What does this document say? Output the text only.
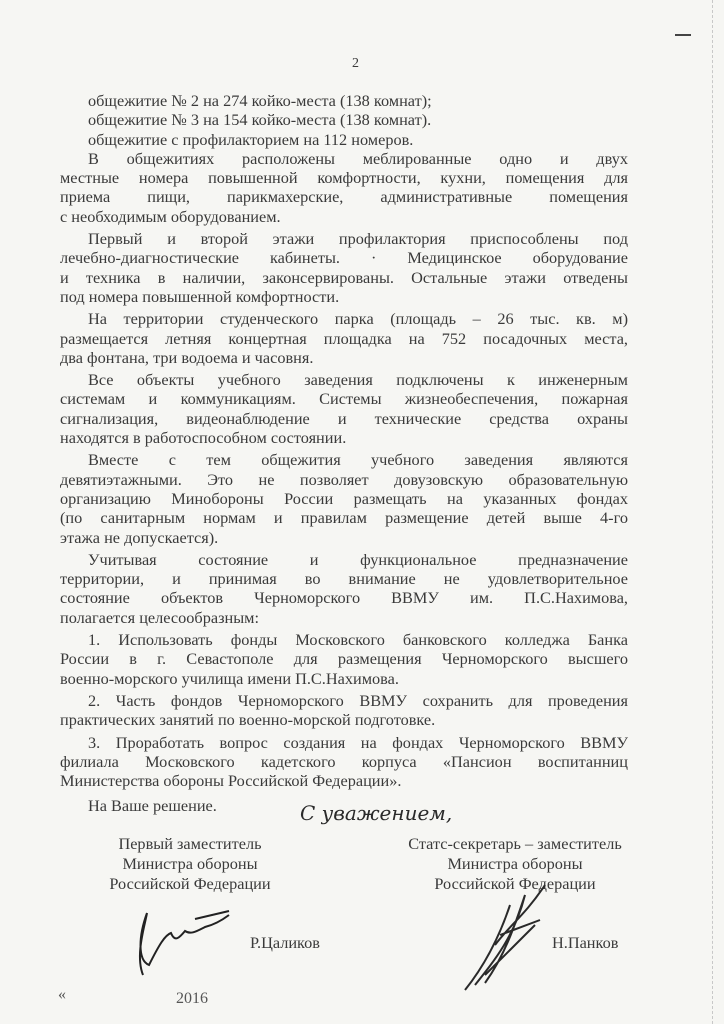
2
общежитие № 2 на 274 койко-места (138 комнат);
общежитие № 3 на 154 койко-места (138 комнат).
общежитие с профилакторием на 112 номеров.
В общежитиях расположены меблированные одно и двух
местные номера повышенной комфортности, кухни, помещения для
приема пищи, парикмахерские, административные помещения
с необходимым оборудованием.
Первый и второй этажи профилактория приспособлены под
лечебно-диагностические кабинеты. · Медицинское оборудование
и техника в наличии, законсервированы. Остальные этажи отведены
под номера повышенной комфортности.
На территории студенческого парка (площадь – 26 тыс. кв. м)
размещается летняя концертная площадка на 752 посадочных места,
два фонтана, три водоема и часовня.
Все объекты учебного заведения подключены к инженерным
системам и коммуникациям. Системы жизнеобеспечения, пожарная
сигнализация, видеонаблюдение и технические средства охраны
находятся в работоспособном состоянии.
Вместе с тем общежития учебного заведения являются
девятиэтажными. Это не позволяет довузовскую образовательную
организацию Минобороны России размещать на указанных фондах
(по санитарным нормам и правилам размещение детей выше 4-го
этажа не допускается).
Учитывая состояние и функциональное предназначение
территории, и принимая во внимание не удовлетворительное
состояние объектов Черноморского ВВМУ им. П.С.Нахимова,
полагается целесообразным:
1. Использовать фонды Московского банковского колледжа Банка
России в г. Севастополе для размещения Черноморского высшего
военно-морского училища имени П.С.Нахимова.
2. Часть фондов Черноморского ВВМУ сохранить для проведения
практических занятий по военно-морской подготовке.
3. Проработать вопрос создания на фондах Черноморского ВВМУ
филиала Московского кадетского корпуса «Пансион воспитанниц
Министерства обороны Российской Федерации».
На Ваше решение.	С уважением,
Первый заместитель
Министра обороны
Российской Федерации
Статс-секретарь – заместитель
Министра обороны
Российской Федерации
Р.Цаликов	Н.Панков
«	2016
